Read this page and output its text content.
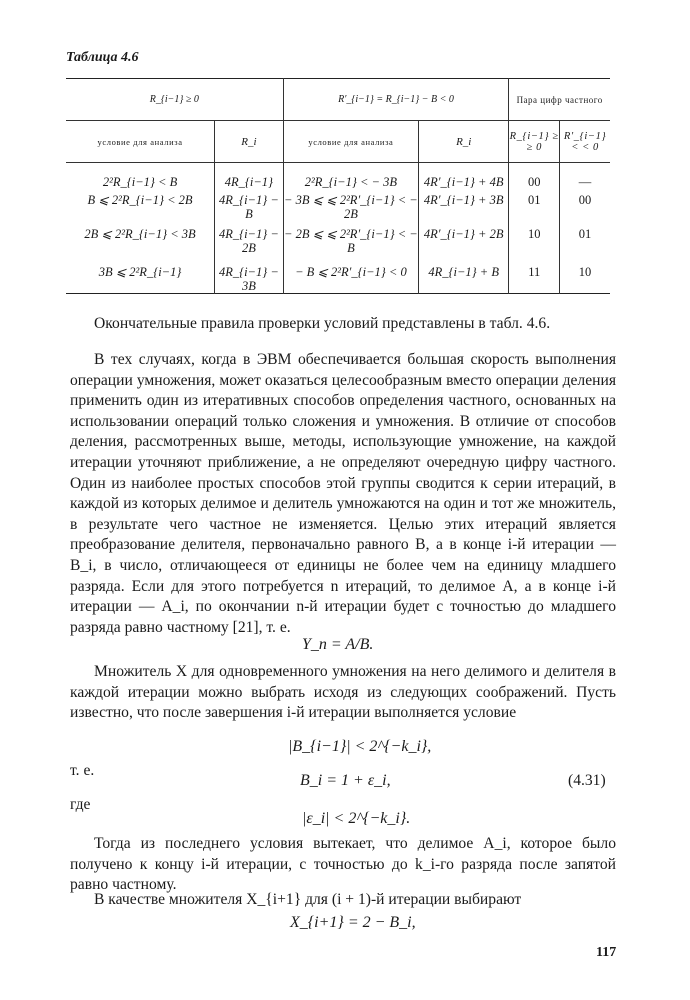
Таблица 4.6
R_{i−1} ≥ 0		R′_{i−1} = R_{i−1} − B < 0		Пара цифр частного	
условие для анализа	R_i	условие для анализа	R_i	R_{i−1} ≥ ≥ 0	R′_{i−1} < < 0
2²R_{i−1} < B	4R_{i−1}	2²R_{i−1} < − 3B	4R′_{i−1} + 4B	00	—
B ⩽ 2²R_{i−1} < 2B	4R_{i−1} − B	− 3B ⩽ ⩽ 2²R′_{i−1} < − 2B	4R′_{i−1} + 3B	01	00
2B ⩽ 2²R_{i−1} < 3B	4R_{i−1} − 2B	− 2B ⩽ ⩽ 2²R′_{i−1} < − B	4R′_{i−1} + 2B	10	01
3B ⩽ 2²R_{i−1}	4R_{i−1} − 3B	− B ⩽ 2²R′_{i−1} < 0	4R_{i−1} + B	11	10
Окончательные правила проверки условий представлены в табл. 4.6.
В тех случаях, когда в ЭВМ обеспечивается большая скорость выполнения операции умножения, может оказаться целесообразным вместо операции деления применить один из итеративных способов определения частного, основанных на использовании операций только сложения и умножения. В отличие от способов деления, рассмотренных выше, методы, использующие умножение, на каждой итерации уточняют приближение, а не определяют очередную цифру частного. Один из наиболее простых способов этой группы сводится к серии итераций, в каждой из которых делимое и делитель умножаются на один и тот же множитель, в результате чего частное не изменяется. Целью этих итераций является преобразование делителя, первоначально равного B, а в конце i-й итерации — B_i, в число, отличающееся от единицы не более чем на единицу младшего разряда. Если для этого потребуется n итераций, то делимое A, а в конце i-й итерации — A_i, по окончании n-й итерации будет с точностью до младшего разряда равно частному [21], т. е.
Y_n = A/B.
Множитель X для одновременного умножения на него делимого и делителя в каждой итерации можно выбрать исходя из следующих соображений. Пусть известно, что после завершения i-й итерации выполняется условие
|B_{i−1}| < 2^{−k_i},
т. е.
B_i = 1 + ε_i,	(4.31)
где
|ε_i| < 2^{−k_i}.
Тогда из последнего условия вытекает, что делимое A_i, которое было получено к концу i-й итерации, с точностью до k_i-го разряда после запятой равно частному.
В качестве множителя X_{i+1} для (i + 1)-й итерации выбирают
X_{i+1} = 2 − B_i,
117
